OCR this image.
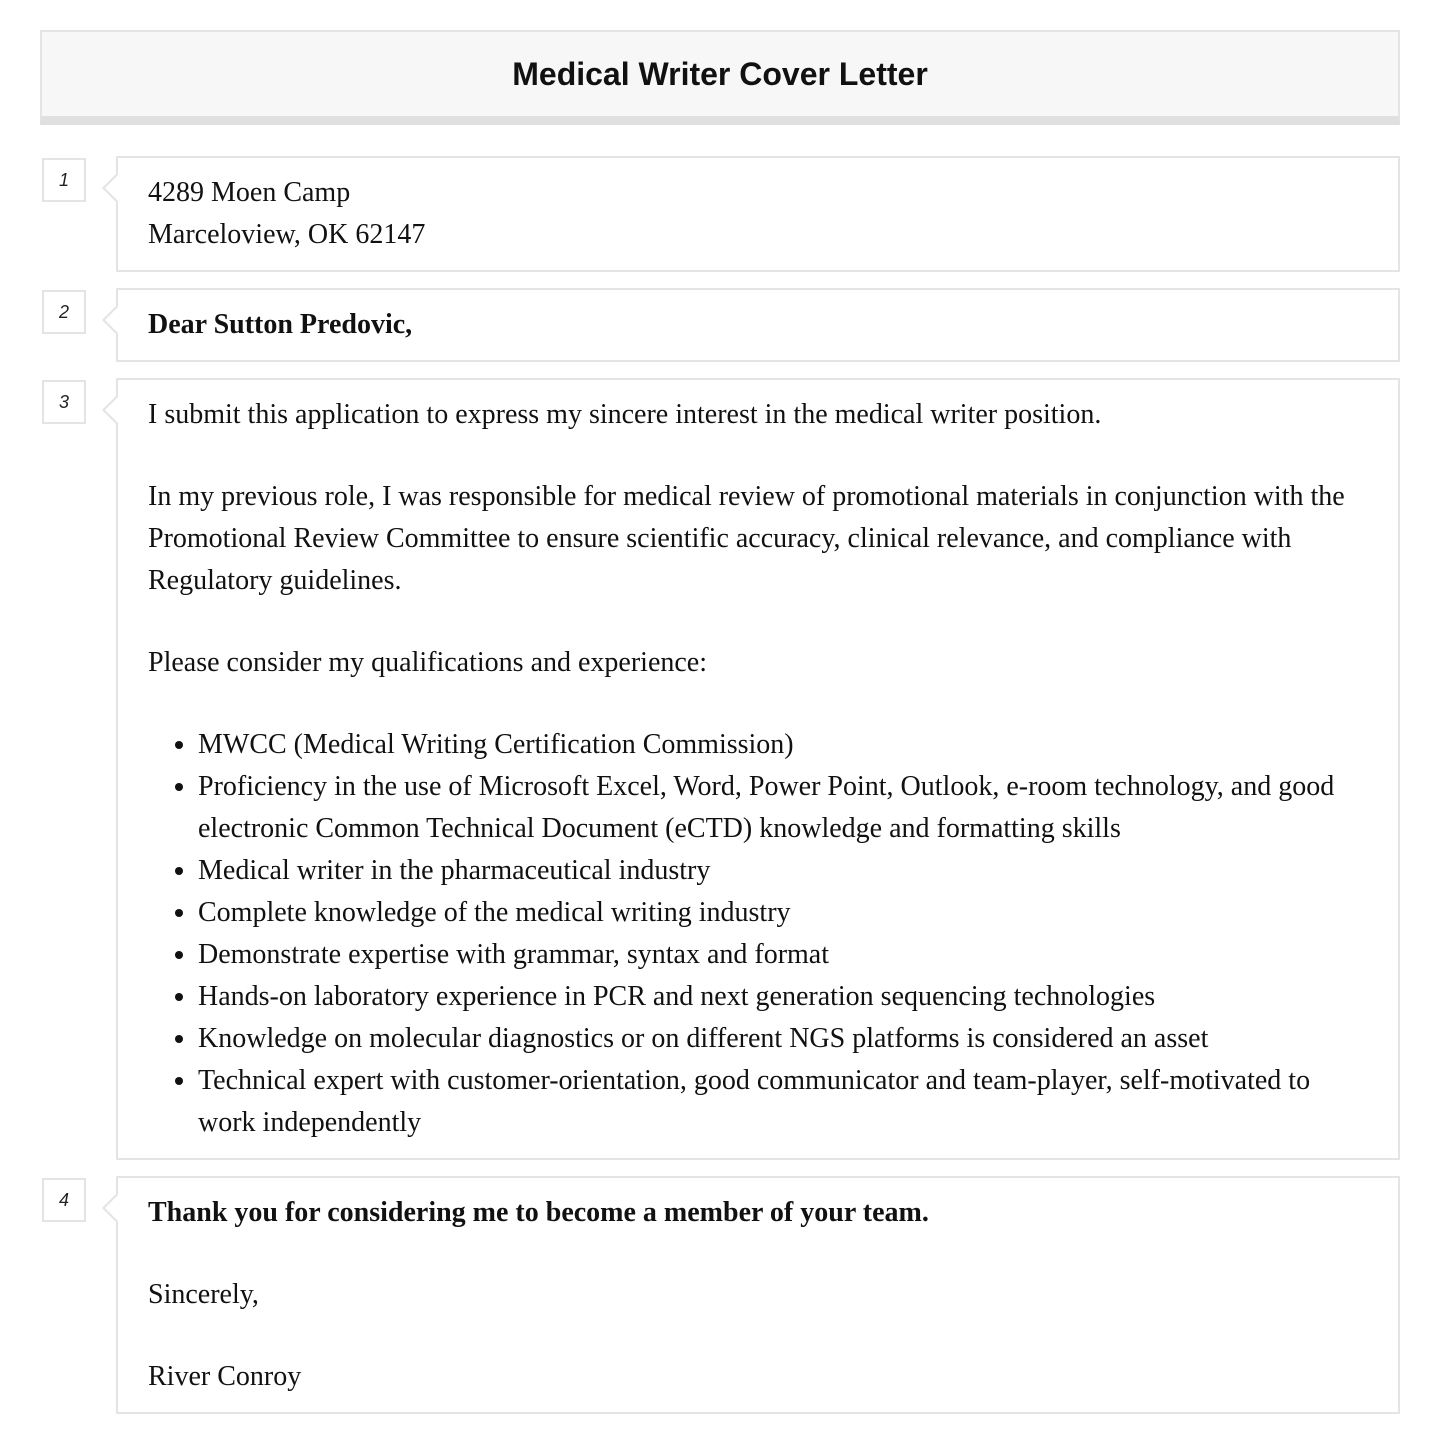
Medical Writer Cover Letter
1	4289 Moen Camp
Marceloview, OK 62147
2	Dear Sutton Predovic,
3	I submit this application to express my sincere interest in the medical writer position.
In my previous role, I was responsible for medical review of promotional materials in conjunction with the Promotional Review Committee to ensure scientific accuracy, clinical relevance, and compliance with Regulatory guidelines.
Please consider my qualifications and experience:
• MWCC (Medical Writing Certification Commission)
• Proficiency in the use of Microsoft Excel, Word, Power Point, Outlook, e-room technology, and good electronic Common Technical Document (eCTD) knowledge and formatting skills
• Medical writer in the pharmaceutical industry
• Complete knowledge of the medical writing industry
• Demonstrate expertise with grammar, syntax and format
• Hands-on laboratory experience in PCR and next generation sequencing technologies
• Knowledge on molecular diagnostics or on different NGS platforms is considered an asset
• Technical expert with customer-orientation, good communicator and team-player, self-motivated to work independently
4	Thank you for considering me to become a member of your team.
Sincerely,
River Conroy
